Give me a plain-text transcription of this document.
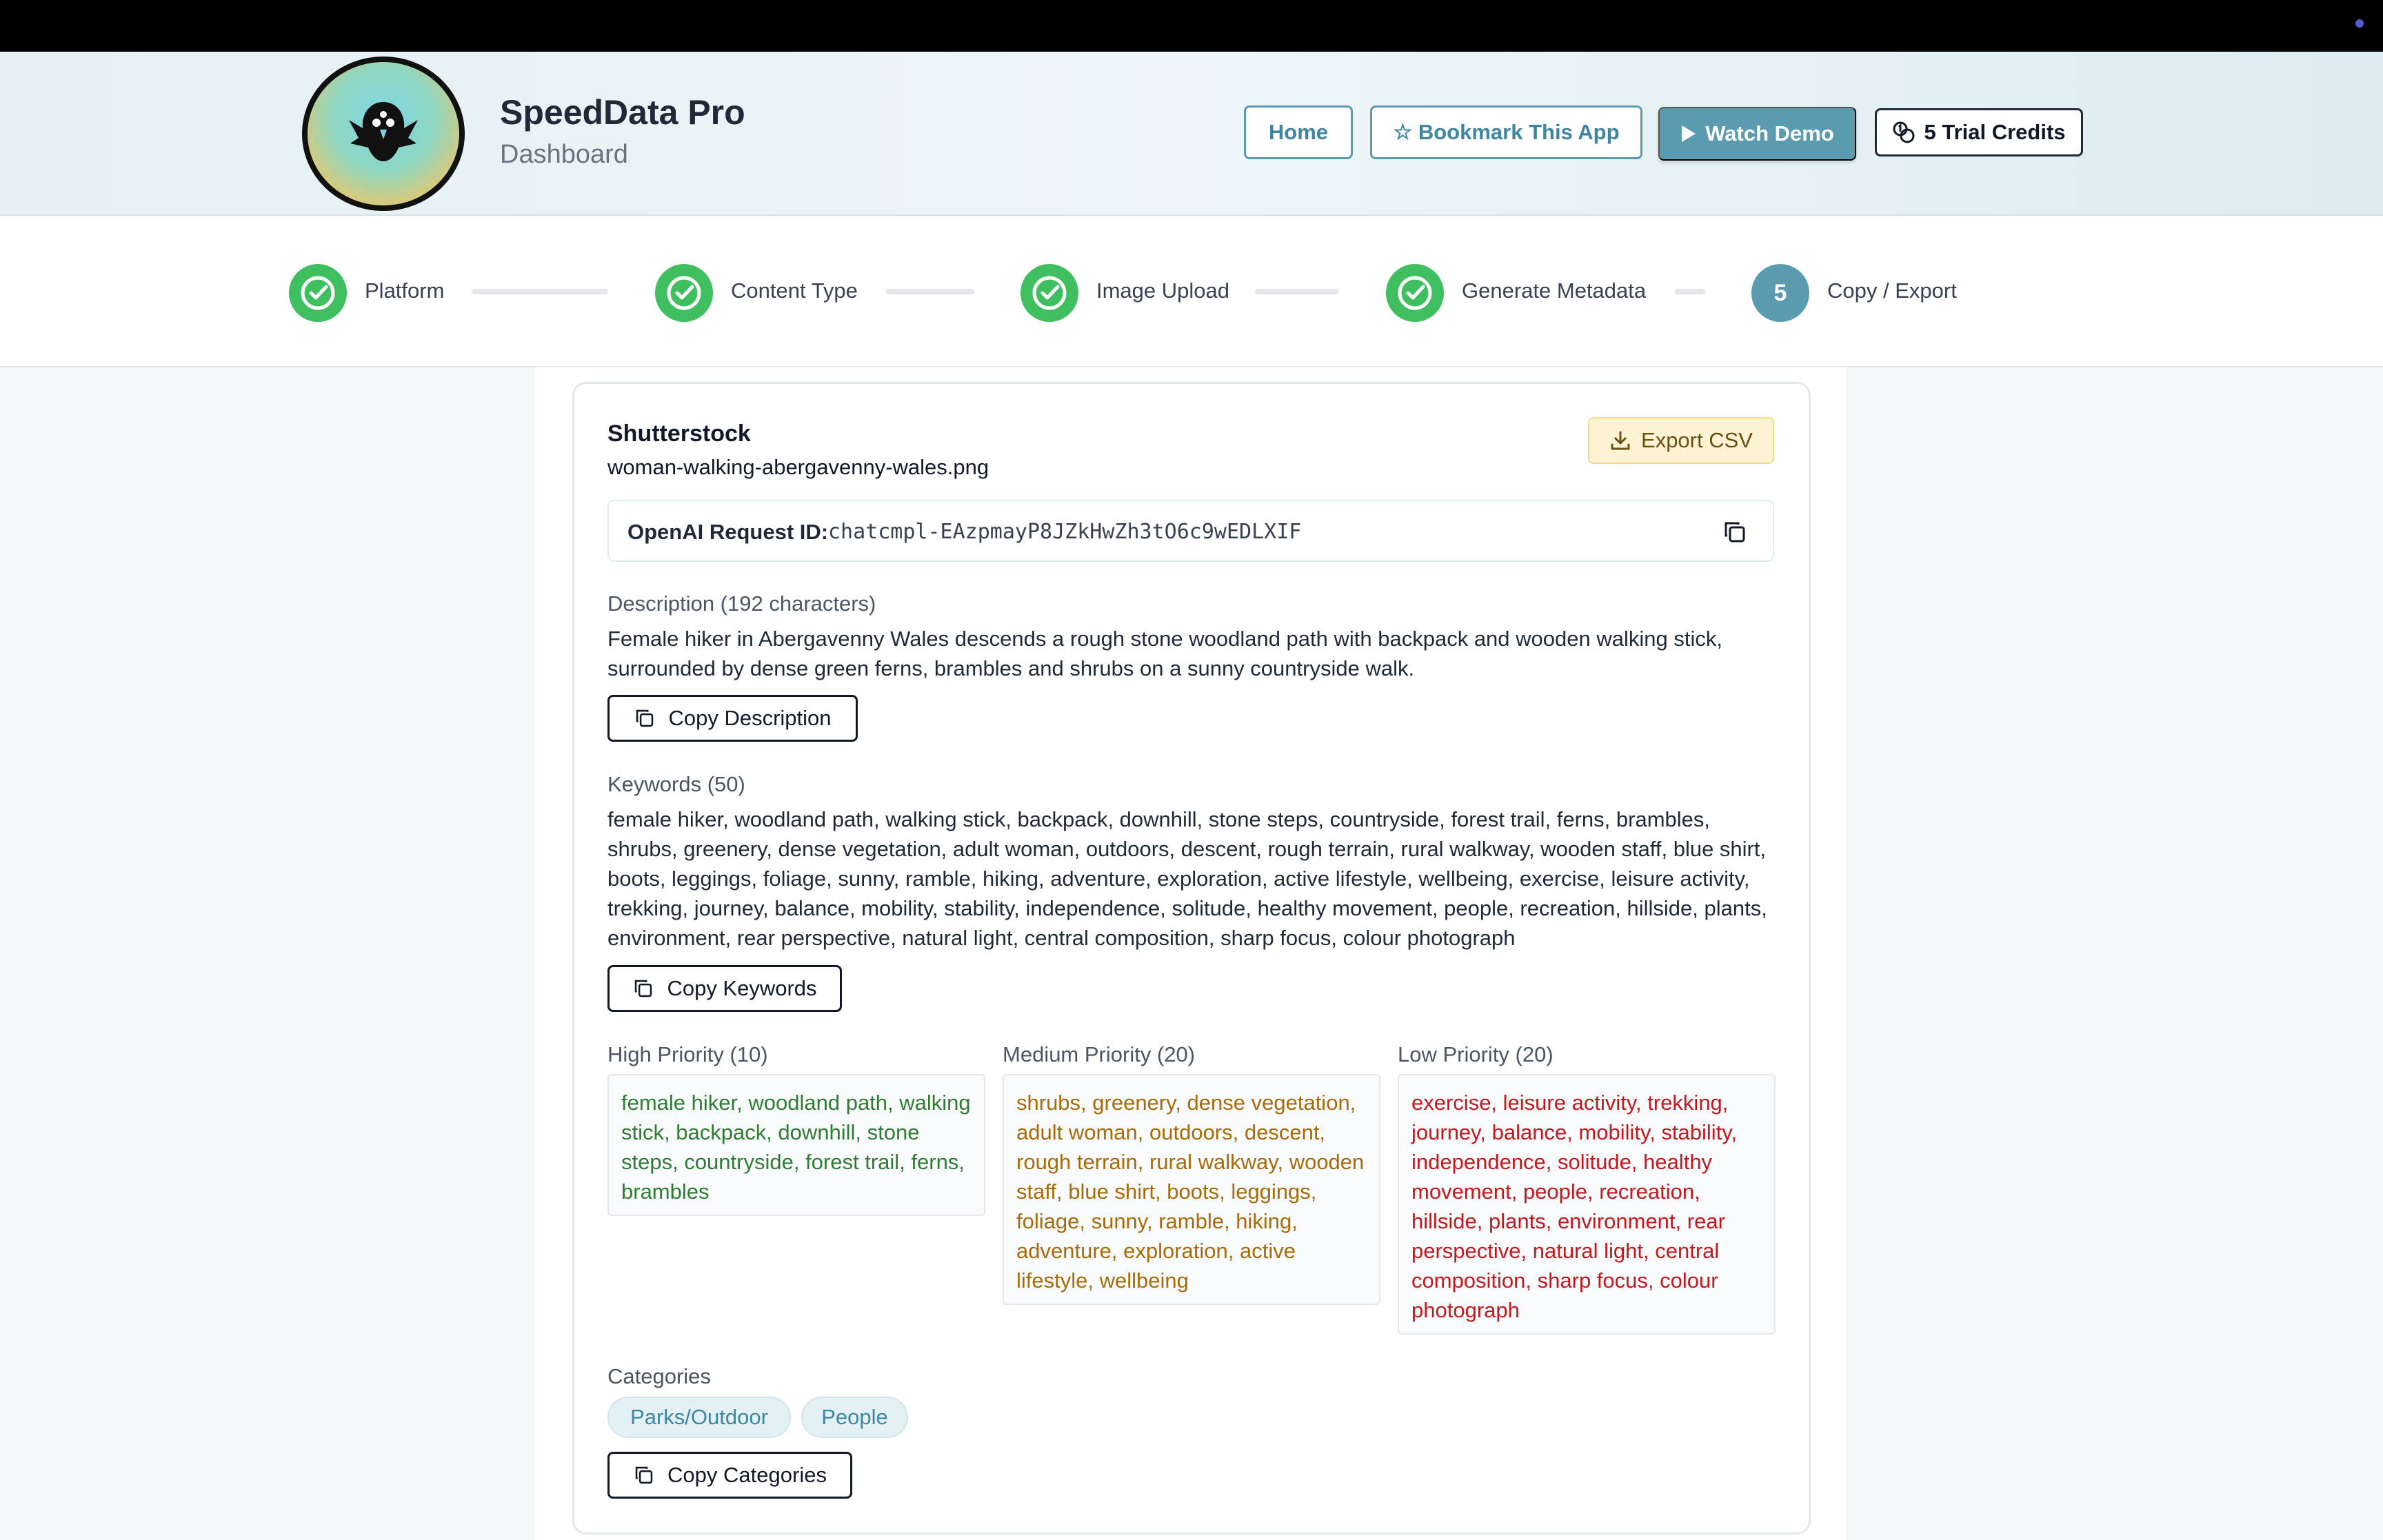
SpeedData Pro
Dashboard
Home	☆ Bookmark This App	Watch Demo	5 Trial Credits
Platform	Content Type	Image Upload	Generate Metadata	5	Copy / Export
Shutterstock
woman-walking-abergavenny-wales.png
Export CSV
OpenAI Request ID: chatcmpl-EAzpmayP8JZkHwZh3tO6c9wEDLXIF
Description (192 characters)
Female hiker in Abergavenny Wales descends a rough stone woodland path with backpack and wooden walking stick, surrounded by dense green ferns, brambles and shrubs on a sunny countryside walk.
Copy Description
Keywords (50)
female hiker, woodland path, walking stick, backpack, downhill, stone steps, countryside, forest trail, ferns, brambles, shrubs, greenery, dense vegetation, adult woman, outdoors, descent, rough terrain, rural walkway, wooden staff, blue shirt, boots, leggings, foliage, sunny, ramble, hiking, adventure, exploration, active lifestyle, wellbeing, exercise, leisure activity, trekking, journey, balance, mobility, stability, independence, solitude, healthy movement, people, recreation, hillside, plants, environment, rear perspective, natural light, central composition, sharp focus, colour photograph
Copy Keywords
High Priority (10)
female hiker, woodland path, walking stick, backpack, downhill, stone steps, countryside, forest trail, ferns, brambles
Medium Priority (20)
shrubs, greenery, dense vegetation, adult woman, outdoors, descent, rough terrain, rural walkway, wooden staff, blue shirt, boots, leggings, foliage, sunny, ramble, hiking, adventure, exploration, active lifestyle, wellbeing
Low Priority (20)
exercise, leisure activity, trekking, journey, balance, mobility, stability, independence, solitude, healthy movement, people, recreation, hillside, plants, environment, rear perspective, natural light, central composition, sharp focus, colour photograph
Categories
Parks/Outdoor	People
Copy Categories
